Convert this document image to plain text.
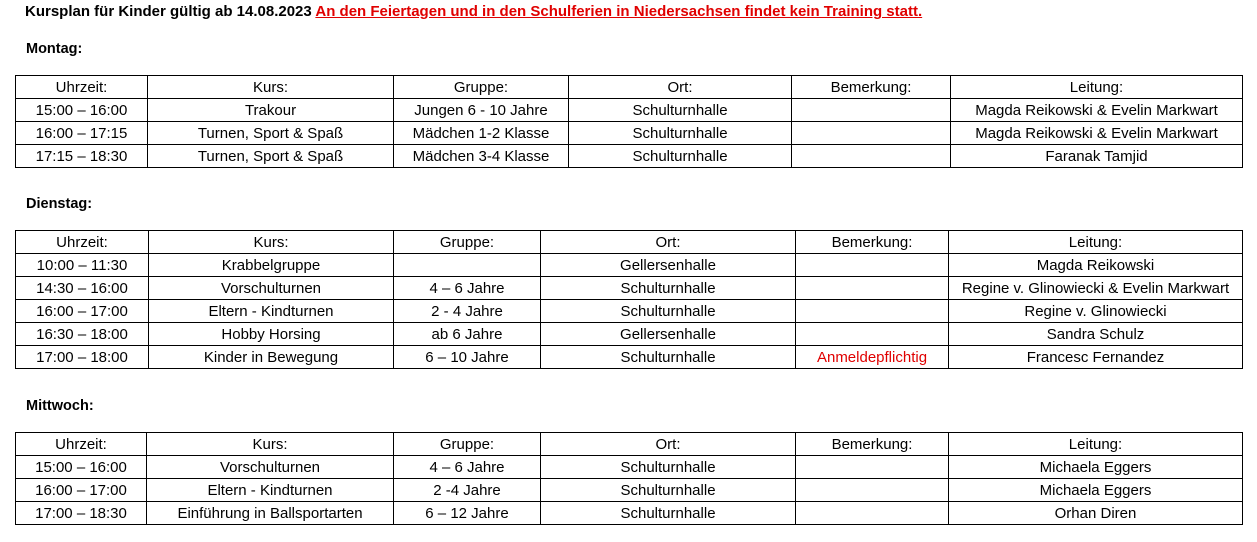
Kursplan für Kinder gültig ab 14.08.2023 An den Feiertagen und in den Schulferien in Niedersachsen findet kein Training statt.
Montag:
Uhrzeit:	Kurs:	Gruppe:	Ort:	Bemerkung:	Leitung:
15:00 – 16:00	Trakour	Jungen 6 - 10 Jahre	Schulturnhalle		Magda Reikowski & Evelin Markwart
16:00 – 17:15	Turnen, Sport & Spaß	Mädchen 1-2 Klasse	Schulturnhalle		Magda Reikowski & Evelin Markwart
17:15 – 18:30	Turnen, Sport & Spaß	Mädchen 3-4 Klasse	Schulturnhalle		Faranak Tamjid
Dienstag:
Uhrzeit:	Kurs:	Gruppe:	Ort:	Bemerkung:	Leitung:
10:00 – 11:30	Krabbelgruppe		Gellersenhalle		Magda Reikowski
14:30 – 16:00	Vorschulturnen	4 – 6 Jahre	Schulturnhalle		Regine v. Glinowiecki & Evelin Markwart
16:00 – 17:00	Eltern - Kindturnen	2 - 4 Jahre	Schulturnhalle		Regine v. Glinowiecki
16:30 – 18:00	Hobby Horsing	ab 6 Jahre	Gellersenhalle		Sandra Schulz
17:00 – 18:00	Kinder in Bewegung	6 – 10 Jahre	Schulturnhalle	Anmeldepflichtig	Francesc Fernandez
Mittwoch:
Uhrzeit:	Kurs:	Gruppe:	Ort:	Bemerkung:	Leitung:
15:00 – 16:00	Vorschulturnen	4 – 6 Jahre	Schulturnhalle		Michaela Eggers
16:00 – 17:00	Eltern - Kindturnen	2 -4 Jahre	Schulturnhalle		Michaela Eggers
17:00 – 18:30	Einführung in Ballsportarten	6 – 12 Jahre	Schulturnhalle		Orhan Diren
